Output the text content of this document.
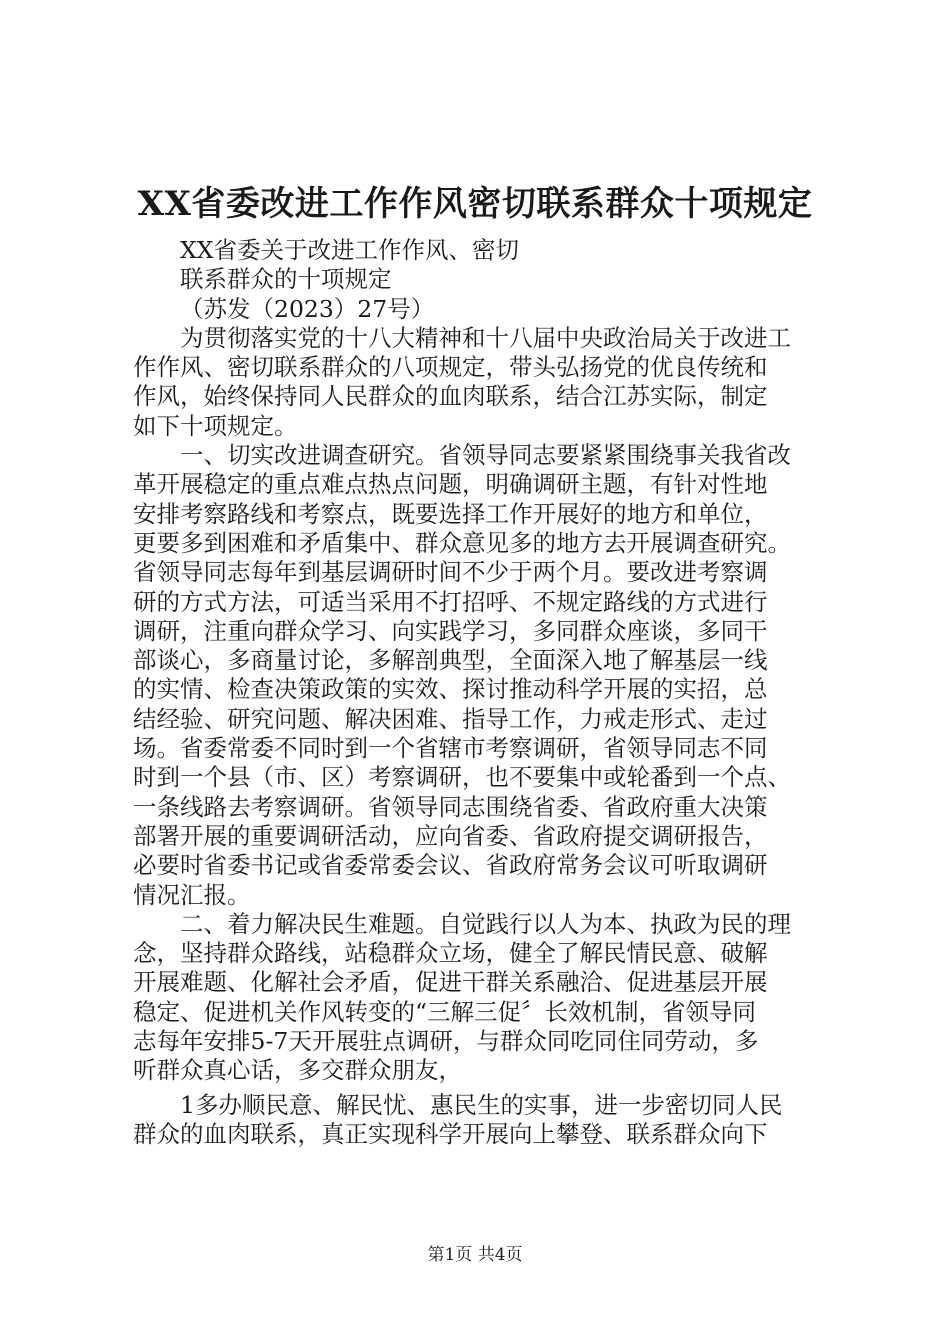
XX省委改进工作作风密切联系群众十项规定
XX省委关于改进工作作风、密切
联系群众的十项规定
（苏发（2023）27号）
为贯彻落实党的十八大精神和十八届中央政治局关于改进工
作作风、密切联系群众的八项规定，带头弘扬党的优良传统和
作风，始终保持同人民群众的血肉联系，结合江苏实际，制定
如下十项规定。
一、切实改进调查研究。省领导同志要紧紧围绕事关我省改
革开展稳定的重点难点热点问题，明确调研主题，有针对性地
安排考察路线和考察点，既要选择工作开展好的地方和单位，
更要多到困难和矛盾集中、群众意见多的地方去开展调查研究。
省领导同志每年到基层调研时间不少于两个月。要改进考察调
研的方式方法，可适当采用不打招呼、不规定路线的方式进行
调研，注重向群众学习、向实践学习，多同群众座谈，多同干
部谈心，多商量讨论，多解剖典型，全面深入地了解基层一线
的实情、检查决策政策的实效、探讨推动科学开展的实招，总
结经验、研究问题、解决困难、指导工作，力戒走形式、走过
场。省委常委不同时到一个省辖市考察调研，省领导同志不同
时到一个县（市、区）考察调研，也不要集中或轮番到一个点、
一条线路去考察调研。省领导同志围绕省委、省政府重大决策
部署开展的重要调研活动，应向省委、省政府提交调研报告，
必要时省委书记或省委常委会议、省政府常务会议可听取调研
情况汇报。
二、着力解决民生难题。自觉践行以人为本、执政为民的理
念，坚持群众路线，站稳群众立场，健全了解民情民意、破解
开展难题、化解社会矛盾，促进干群关系融洽、促进基层开展
稳定、促进机关作风转变的“三解三促〞长效机制，省领导同
志每年安排5-7天开展驻点调研，与群众同吃同住同劳动，多
听群众真心话，多交群众朋友，
1多办顺民意、解民忧、惠民生的实事，进一步密切同人民
群众的血肉联系，真正实现科学开展向上攀登、联系群众向下
第1页 共4页
